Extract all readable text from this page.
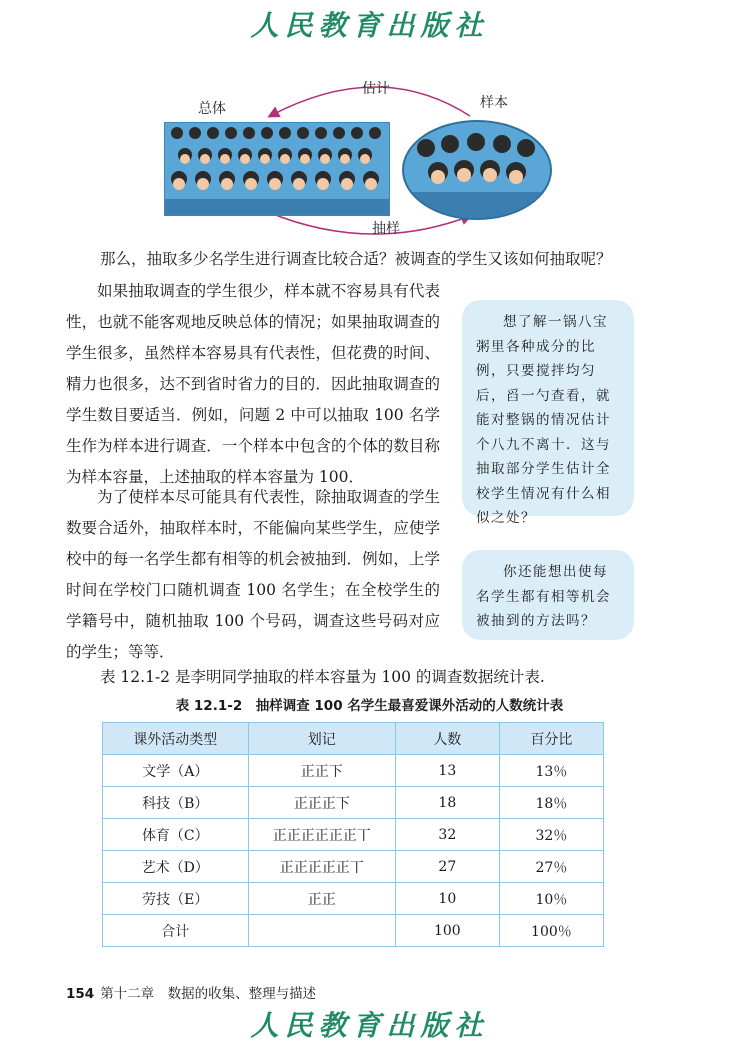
人民教育出版社
总体
估计
样本
抽样
那么，抽取多少名学生进行调查比较合适？被调查的学生又该如何抽取呢？
如果抽取调查的学生很少，样本就不容易具有代表性，也就不能客观地反映总体的情况；如果抽取调查的学生很多，虽然样本容易具有代表性，但花费的时间、精力也很多，达不到省时省力的目的．因此抽取调查的学生数目要适当．例如，问题 2 中可以抽取 100 名学生作为样本进行调查．一个样本中包含的个体的数目称为样本容量，上述抽取的样本容量为 100．
为了使样本尽可能具有代表性，除抽取调查的学生数要合适外，抽取样本时，不能偏向某些学生，应使学校中的每一名学生都有相等的机会被抽到．例如，上学时间在学校门口随机调查 100 名学生；在全校学生的学籍号中，随机抽取 100 个号码，调查这些号码对应的学生；等等．
想了解一锅八宝粥里各种成分的比例，只要搅拌均匀后，舀一勺查看，就能对整锅的情况估计个八九不离十．这与抽取部分学生估计全校学生情况有什么相似之处？
你还能想出使每名学生都有相等机会被抽到的方法吗？
表 12.1-2 是李明同学抽取的样本容量为 100 的调查数据统计表.
表 12.1-2　抽样调查 100 名学生最喜爱课外活动的人数统计表
课外活动类型	划记	人数	百分比
文学（A）	正正下	13	13％
科技（B）	正正正下	18	18％
体育（C）	正正正正正正丅	32	32％
艺术（D）	正正正正正丅	27	27％
劳技（E）	正正	10	10％
合计		100	100％
154 第十二章　数据的收集、整理与描述
人民教育出版社
